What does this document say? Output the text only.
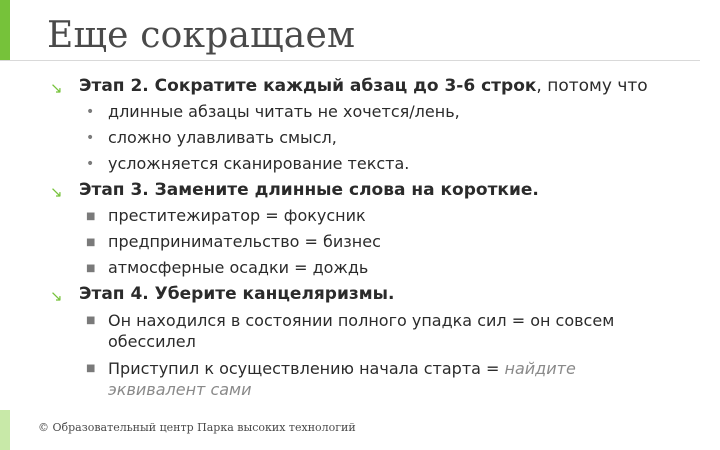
Еще сокращаем
↘ Этап 2. Сократите каждый абзац до 3-6 строк, потому что
• длинные абзацы читать не хочется/лень,
• сложно улавливать смысл,
• усложняется сканирование текста.
↘ Этап 3. Замените длинные слова на короткие.
■ преститежиратор = фокусник
■ предпринимательство = бизнес
■ атмосферные осадки = дождь
↘ Этап 4. Уберите канцеляризмы.
■ Он находился в состоянии полного упадка сил = он совсем
обессилел
■ Приступил к осуществлению начала старта = найдите
эквивалент сами
© Образовательный центр Парка высоких технологий
